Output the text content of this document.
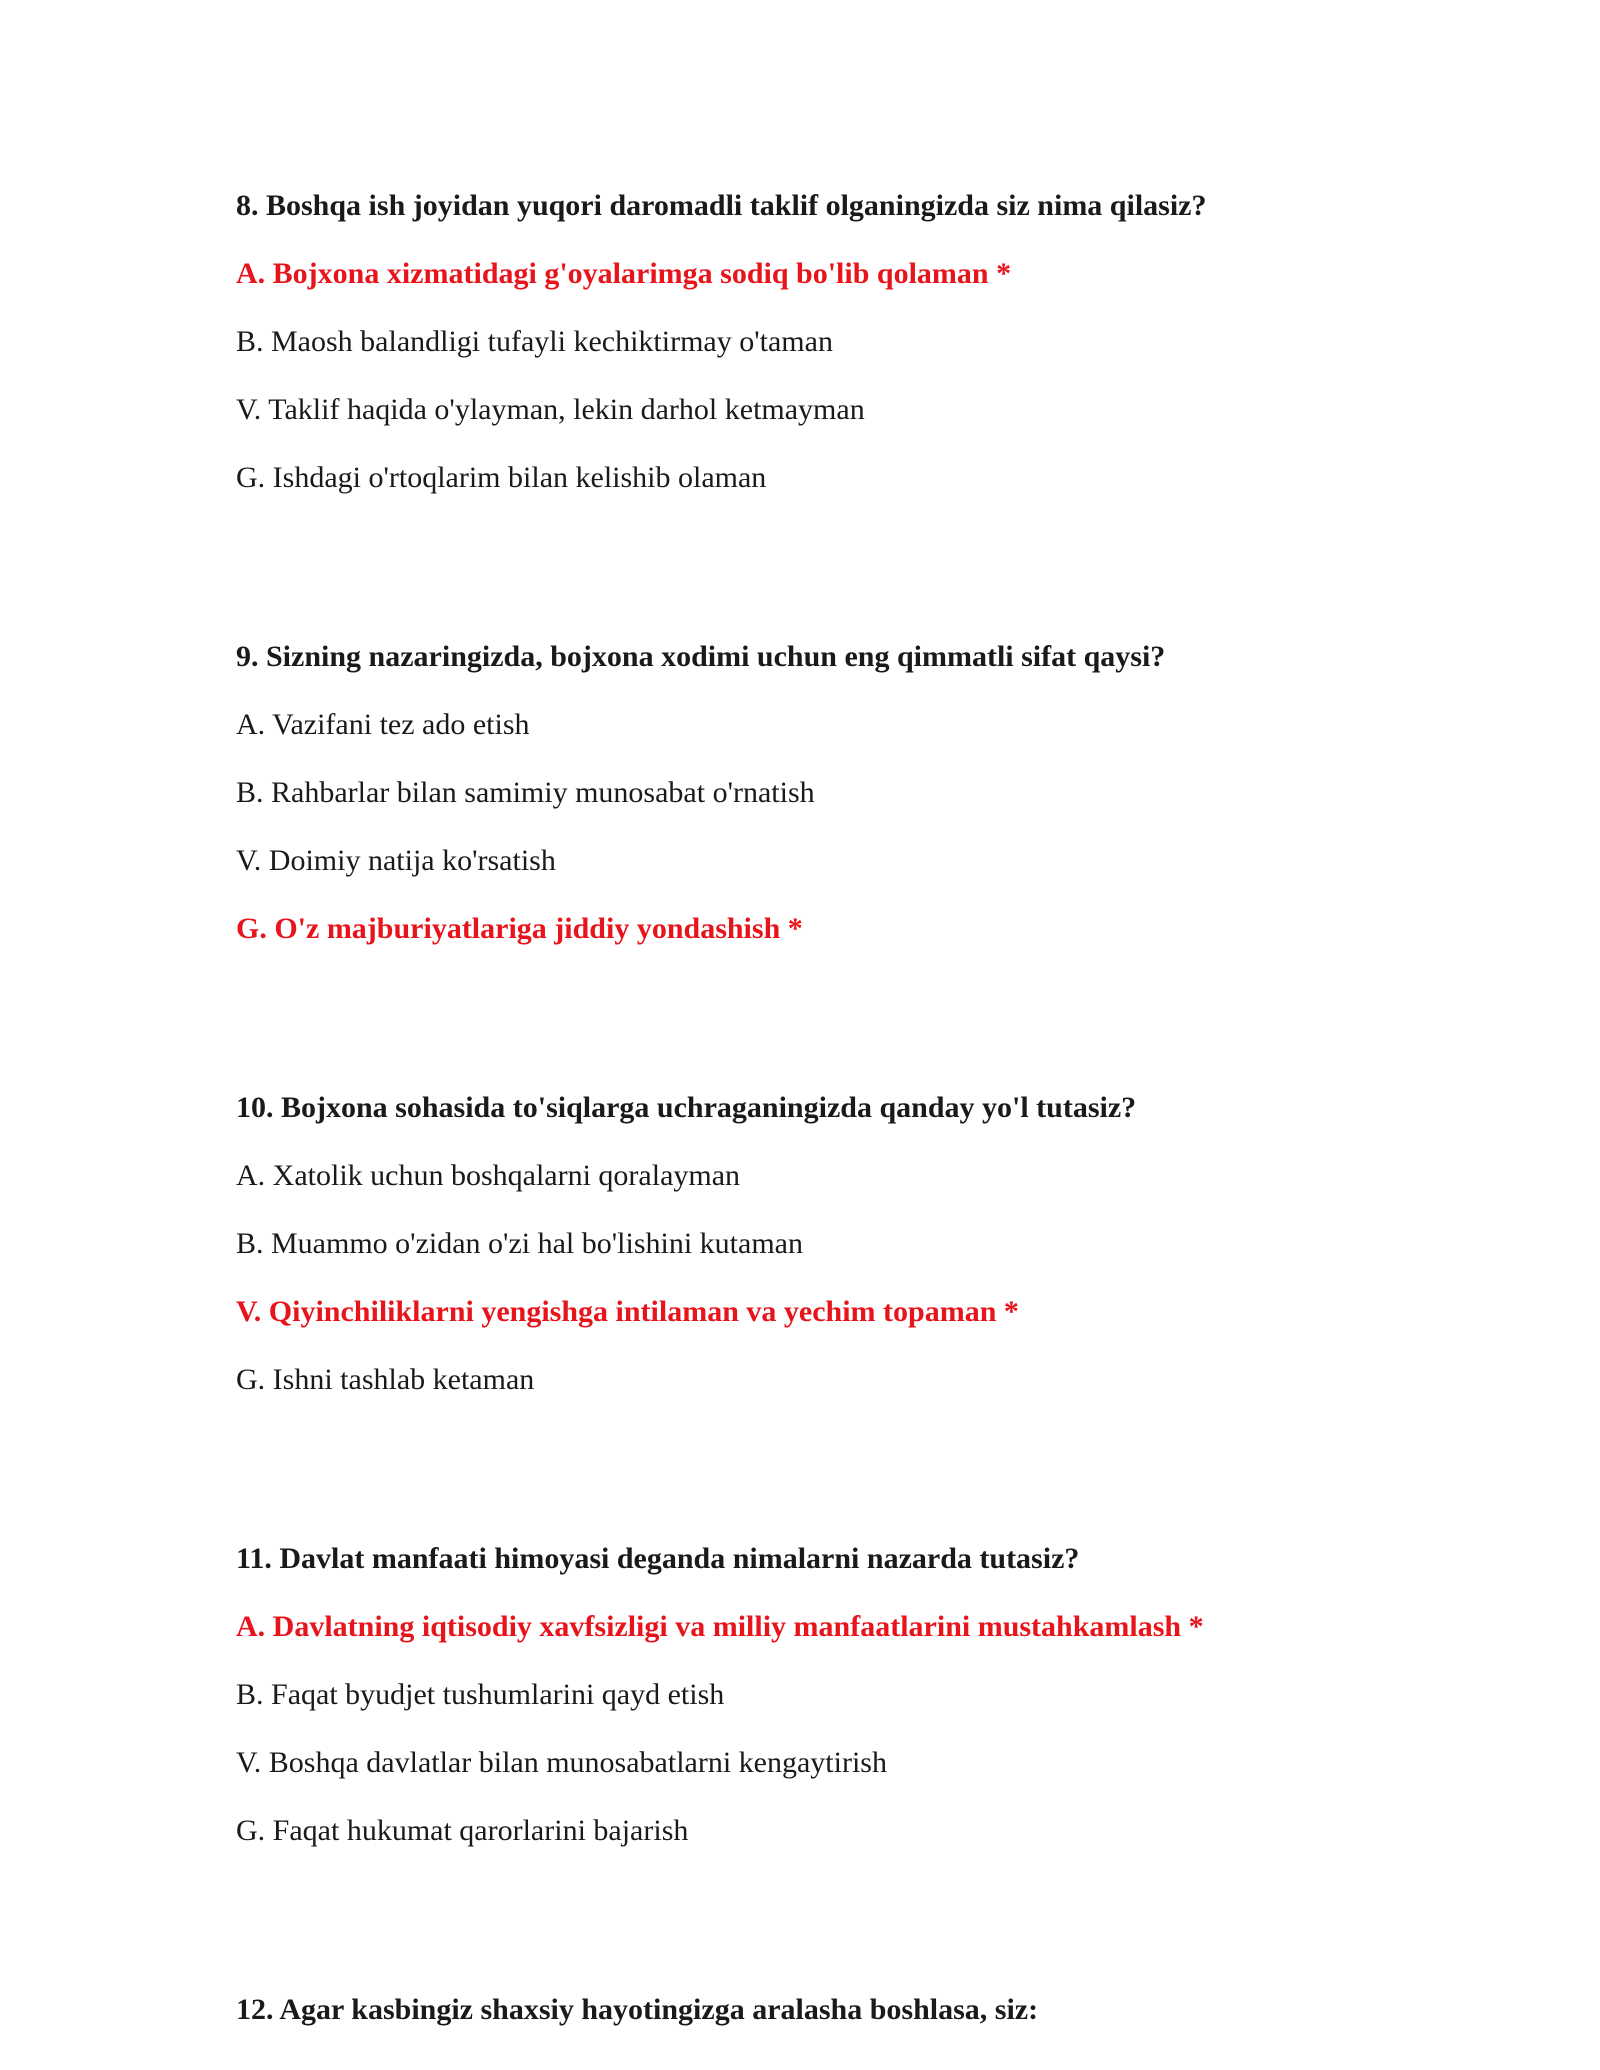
8. Boshqa ish joyidan yuqori daromadli taklif olganingizda siz nima qilasiz?
A. Bojxona xizmatidagi g'oyalarimga sodiq bo'lib qolaman *
B. Maosh balandligi tufayli kechiktirmay o'taman
V. Taklif haqida o'ylayman, lekin darhol ketmayman
G. Ishdagi o'rtoqlarim bilan kelishib olaman
9. Sizning nazaringizda, bojxona xodimi uchun eng qimmatli sifat qaysi?
A. Vazifani tez ado etish
B. Rahbarlar bilan samimiy munosabat o'rnatish
V. Doimiy natija ko'rsatish
G. O'z majburiyatlariga jiddiy yondashish *
10. Bojxona sohasida to'siqlarga uchraganingizda qanday yo'l tutasiz?
A. Xatolik uchun boshqalarni qoralayman
B. Muammo o'zidan o'zi hal bo'lishini kutaman
V. Qiyinchiliklarni yengishga intilaman va yechim topaman *
G. Ishni tashlab ketaman
11. Davlat manfaati himoyasi deganda nimalarni nazarda tutasiz?
A. Davlatning iqtisodiy xavfsizligi va milliy manfaatlarini mustahkamlash *
B. Faqat byudjet tushumlarini qayd etish
V. Boshqa davlatlar bilan munosabatlarni kengaytirish
G. Faqat hukumat qarorlarini bajarish
12. Agar kasbingiz shaxsiy hayotingizga aralasha boshlasa, siz:
